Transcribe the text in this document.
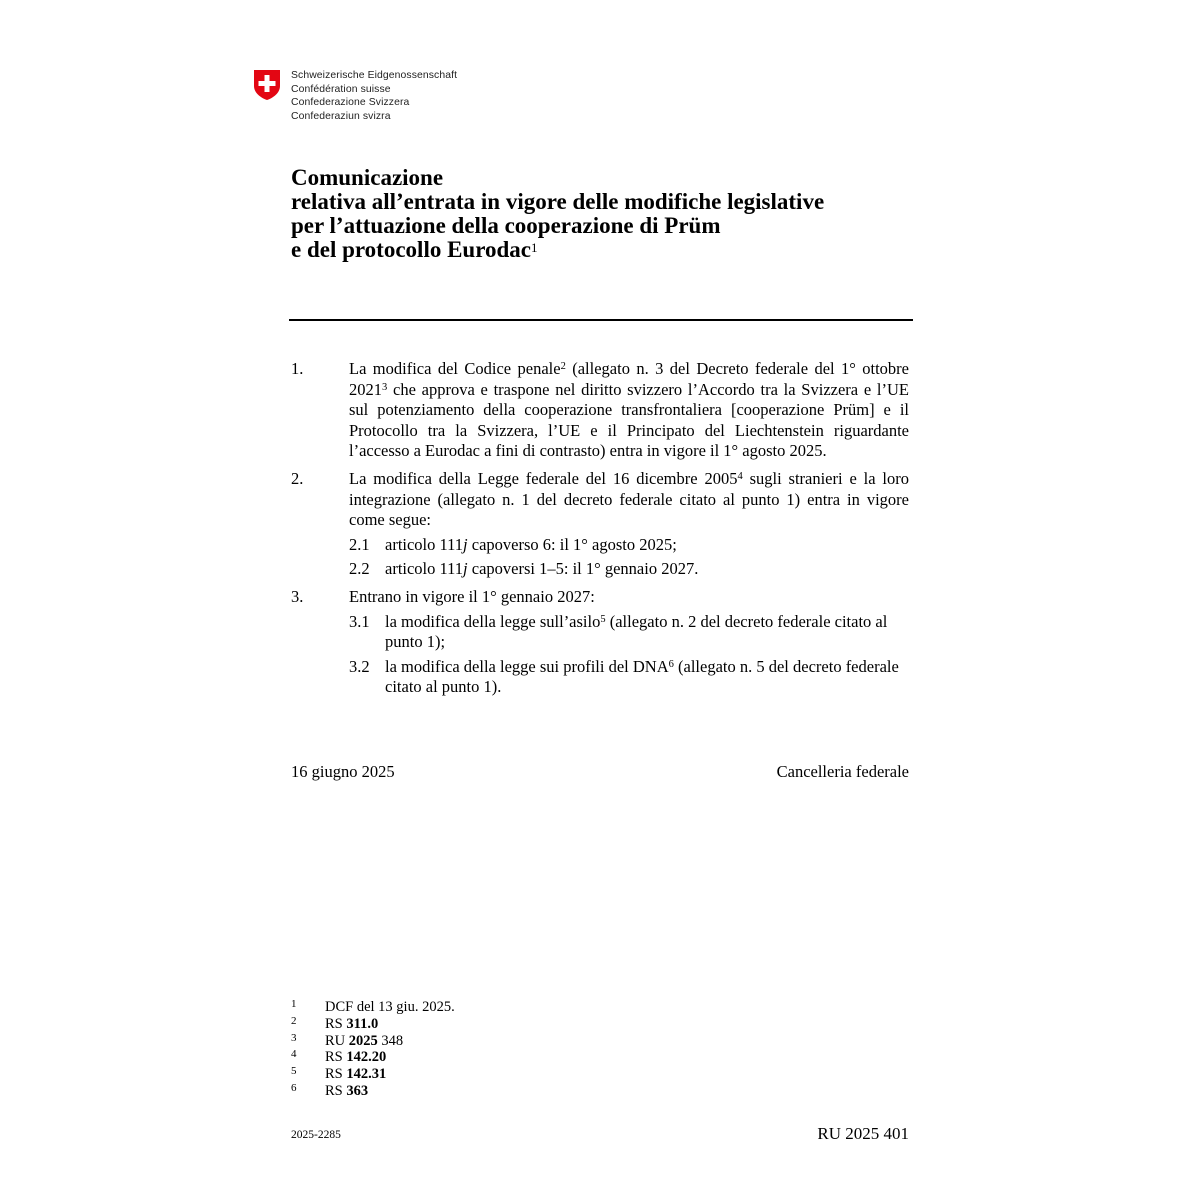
Schweizerische Eidgenossenschaft
Confédération suisse
Confederazione Svizzera
Confederaziun svizra
Comunicazione
relativa all’entrata in vigore delle modifiche legislative
per l’attuazione della cooperazione di Prüm
e del protocollo Eurodac$^1$
1.	La modifica del Codice penale$^2$ (allegato n. 3 del Decreto federale del 1° ottobre 2021$^3$ che approva e traspone nel diritto svizzero l’Accordo tra la Svizzera e l’UE sul potenziamento della cooperazione transfrontaliera [cooperazione Prüm] e il Protocollo tra la Svizzera, l’UE e il Principato del Liechtenstein riguardante l’accesso a Eurodac a fini di contrasto) entra in vigore il 1° agosto 2025.
2.	La modifica della Legge federale del 16 dicembre 2005$^4$ sugli stranieri e la loro integrazione (allegato n. 1 del decreto federale citato al punto 1) entra in vigore come segue:
2.1 articolo 111j capoverso 6: il 1° agosto 2025;
2.2 articolo 111j capoversi 1–5: il 1° gennaio 2027.
3.	Entrano in vigore il 1° gennaio 2027:
3.1 la modifica della legge sull’asilo$^5$ (allegato n. 2 del decreto federale citato al punto 1);
3.2 la modifica della legge sui profili del DNA$^6$ (allegato n. 5 del decreto federale citato al punto 1).
16 giugno 2025	Cancelleria federale
1 DCF del 13 giu. 2025.
2 RS 311.0
3 RU 2025 348
4 RS 142.20
5 RS 142.31
6 RS 363
2025-2285	RU 2025 401
